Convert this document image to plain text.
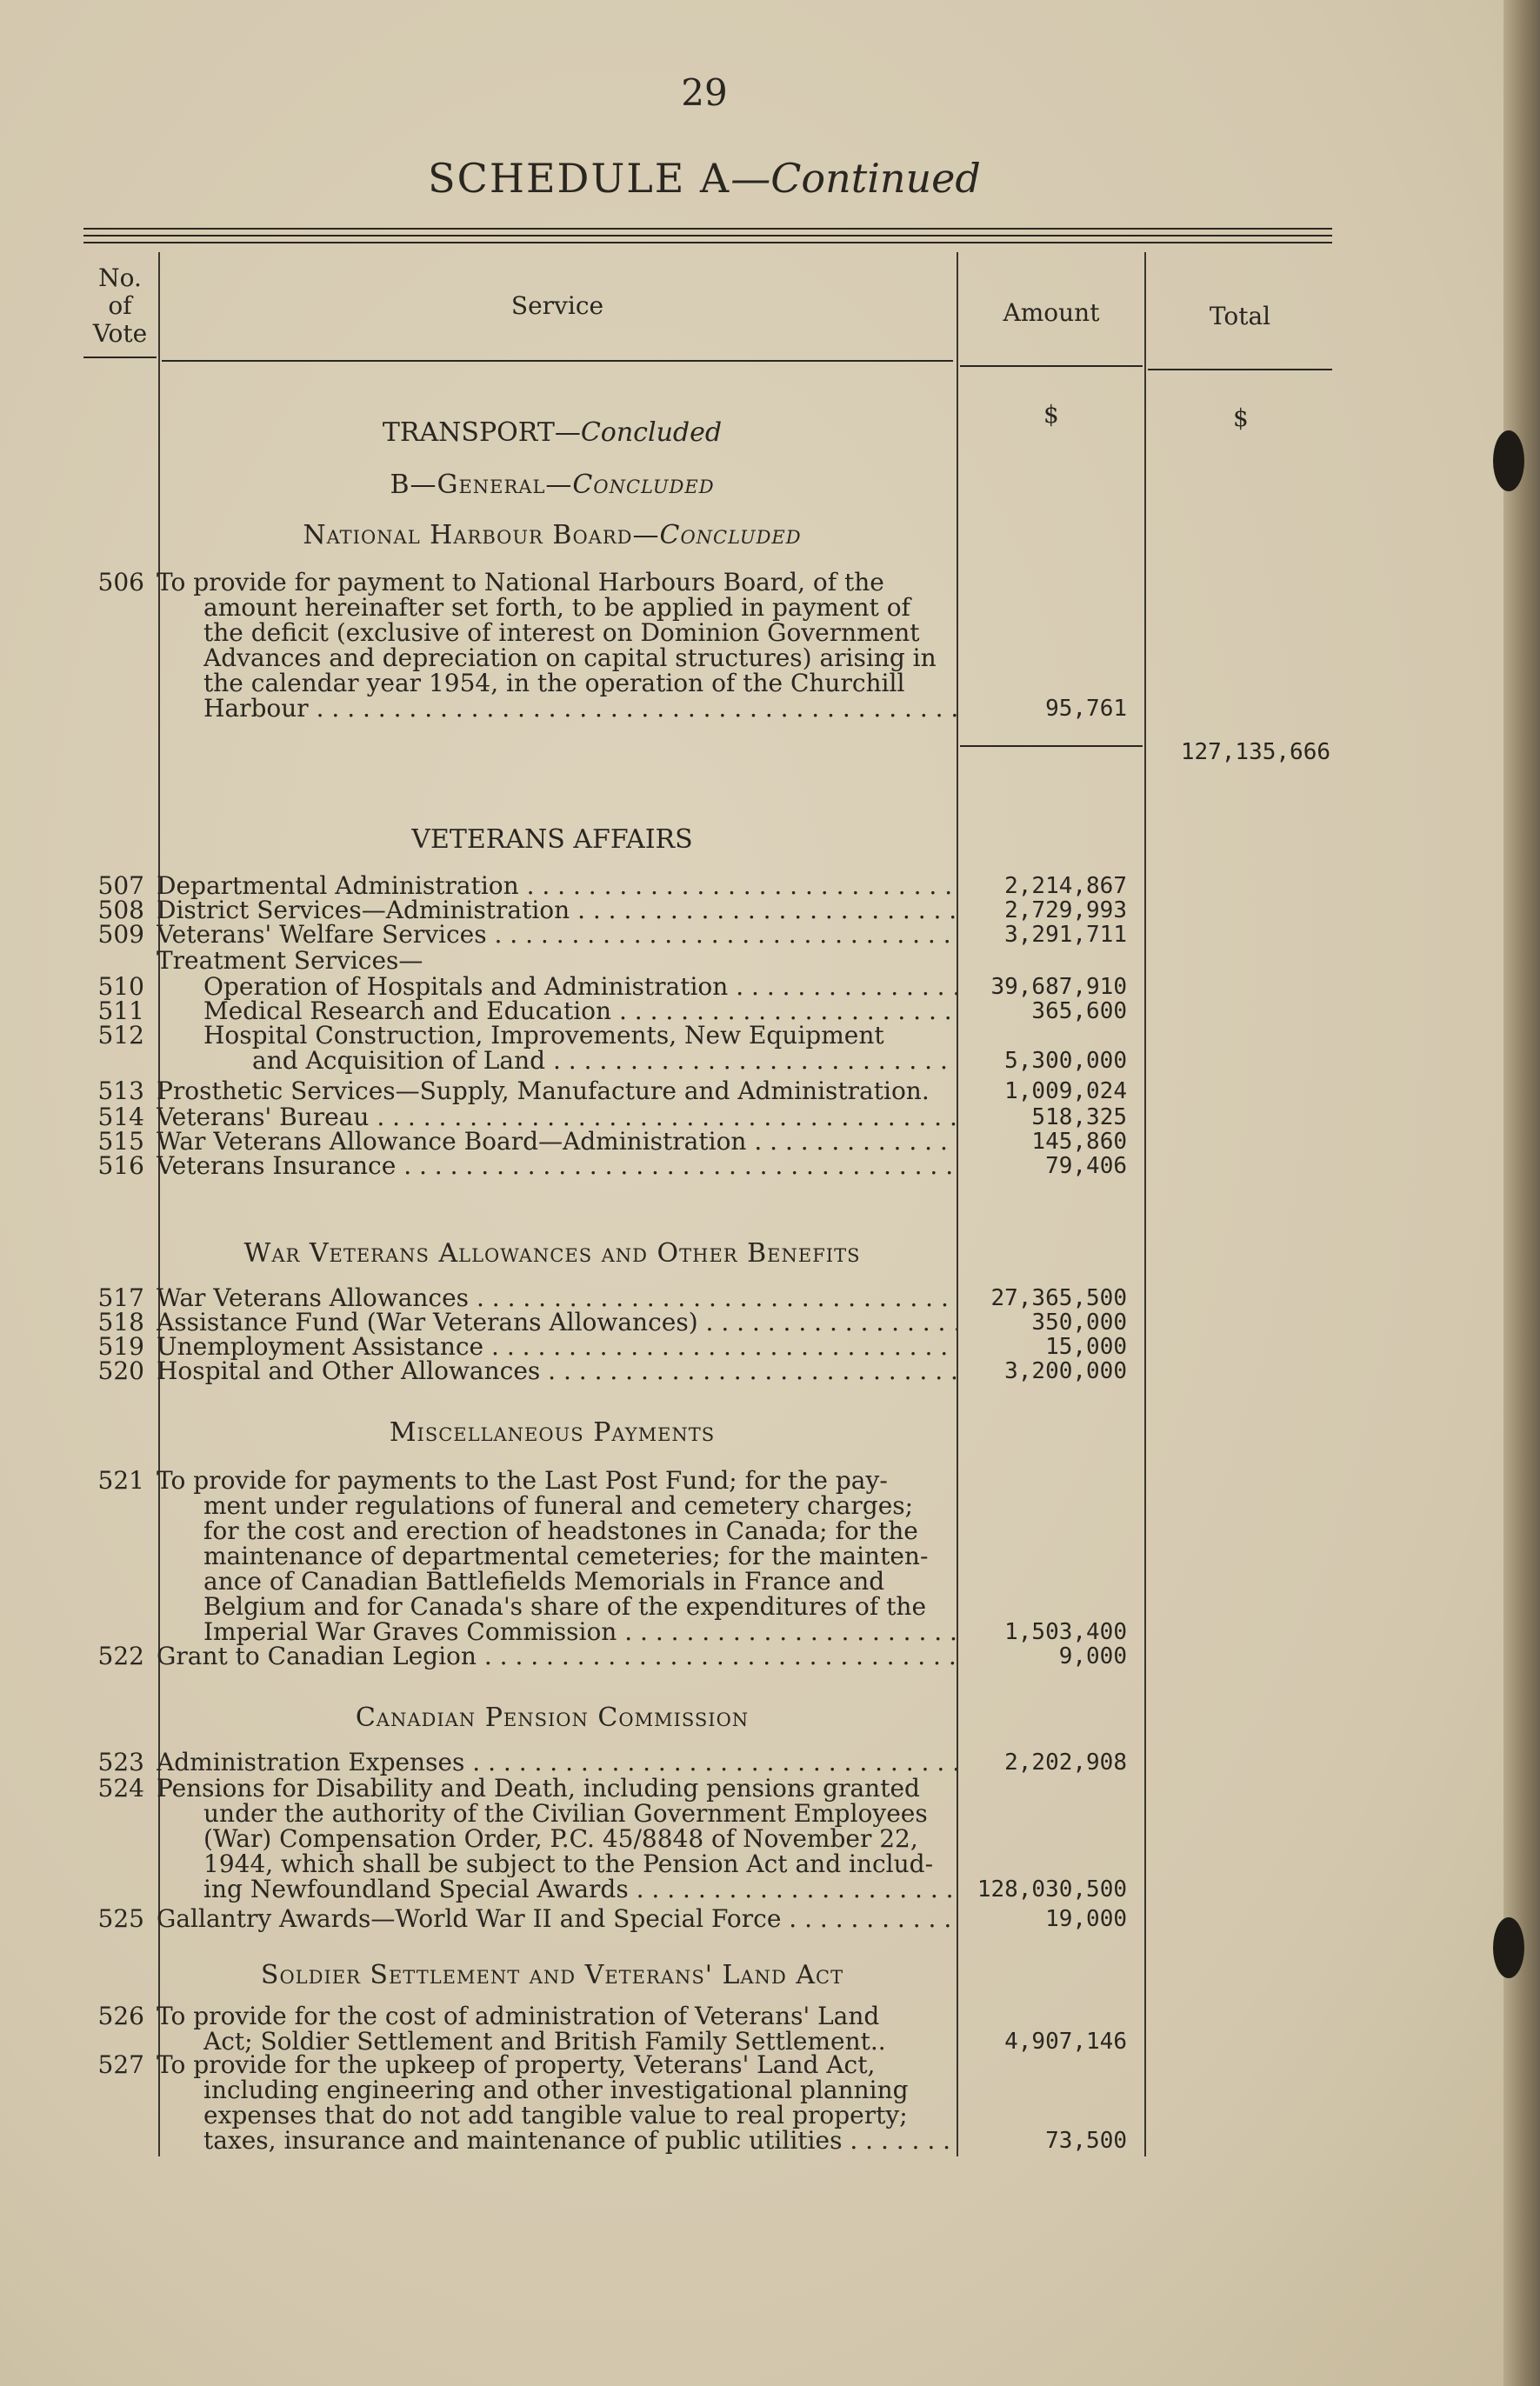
29
SCHEDULE A—Continued
No. of Vote
Service	Amount	Total
$	$
TRANSPORT—Concluded
B—General—Concluded
National Harbour Board—Concluded
VETERANS AFFAIRS
War Veterans Allowances and Other Benefits
Miscellaneous Payments
Canadian Pension Commission
Soldier Settlement and Veterans' Land Act
506 To provide for payment to National Harbours Board, of the
amount hereinafter set forth, to be applied in payment of
the deficit (exclusive of interest on Dominion Government
Advances and depreciation on capital structures) arising in
the calendar year 1954, in the operation of the Churchill
Harbour . . .	95,761
127,135,666
507 Departmental Administration . . .	2,214,867
508 District Services—Administration . . .	2,729,993
509 Veterans' Welfare Services . . .	3,291,711
Treatment Services—
510 Operation of Hospitals and Administration . . .	39,687,910
511 Medical Research and Education . . .	365,600
512 Hospital Construction, Improvements, New Equipment
and Acquisition of Land . . .	5,300,000
513 Prosthetic Services—Supply, Manufacture and Administration.	1,009,024
514 Veterans' Bureau . . .	518,325
515 War Veterans Allowance Board—Administration . . .	145,860
516 Veterans Insurance . . .	79,406
517 War Veterans Allowances . . .	27,365,500
518 Assistance Fund (War Veterans Allowances) . . .	350,000
519 Unemployment Assistance . . .	15,000
520 Hospital and Other Allowances . . .	3,200,000
521 To provide for payments to the Last Post Fund; for the pay-
ment under regulations of funeral and cemetery charges;
for the cost and erection of headstones in Canada; for the
maintenance of departmental cemeteries; for the mainten-
ance of Canadian Battlefields Memorials in France and
Belgium and for Canada's share of the expenditures of the
Imperial War Graves Commission . . .	1,503,400
522 Grant to Canadian Legion . . .	9,000
523 Administration Expenses . . .	2,202,908
524 Pensions for Disability and Death, including pensions granted
under the authority of the Civilian Government Employees
(War) Compensation Order, P.C. 45/8848 of November 22,
1944, which shall be subject to the Pension Act and includ-
ing Newfoundland Special Awards . . .	128,030,500
525 Gallantry Awards—World War II and Special Force . . .	19,000
526 To provide for the cost of administration of Veterans' Land
Act; Soldier Settlement and British Family Settlement..	4,907,146
527 To provide for the upkeep of property, Veterans' Land Act,
including engineering and other investigational planning
expenses that do not add tangible value to real property;
taxes, insurance and maintenance of public utilities . . .	73,500
